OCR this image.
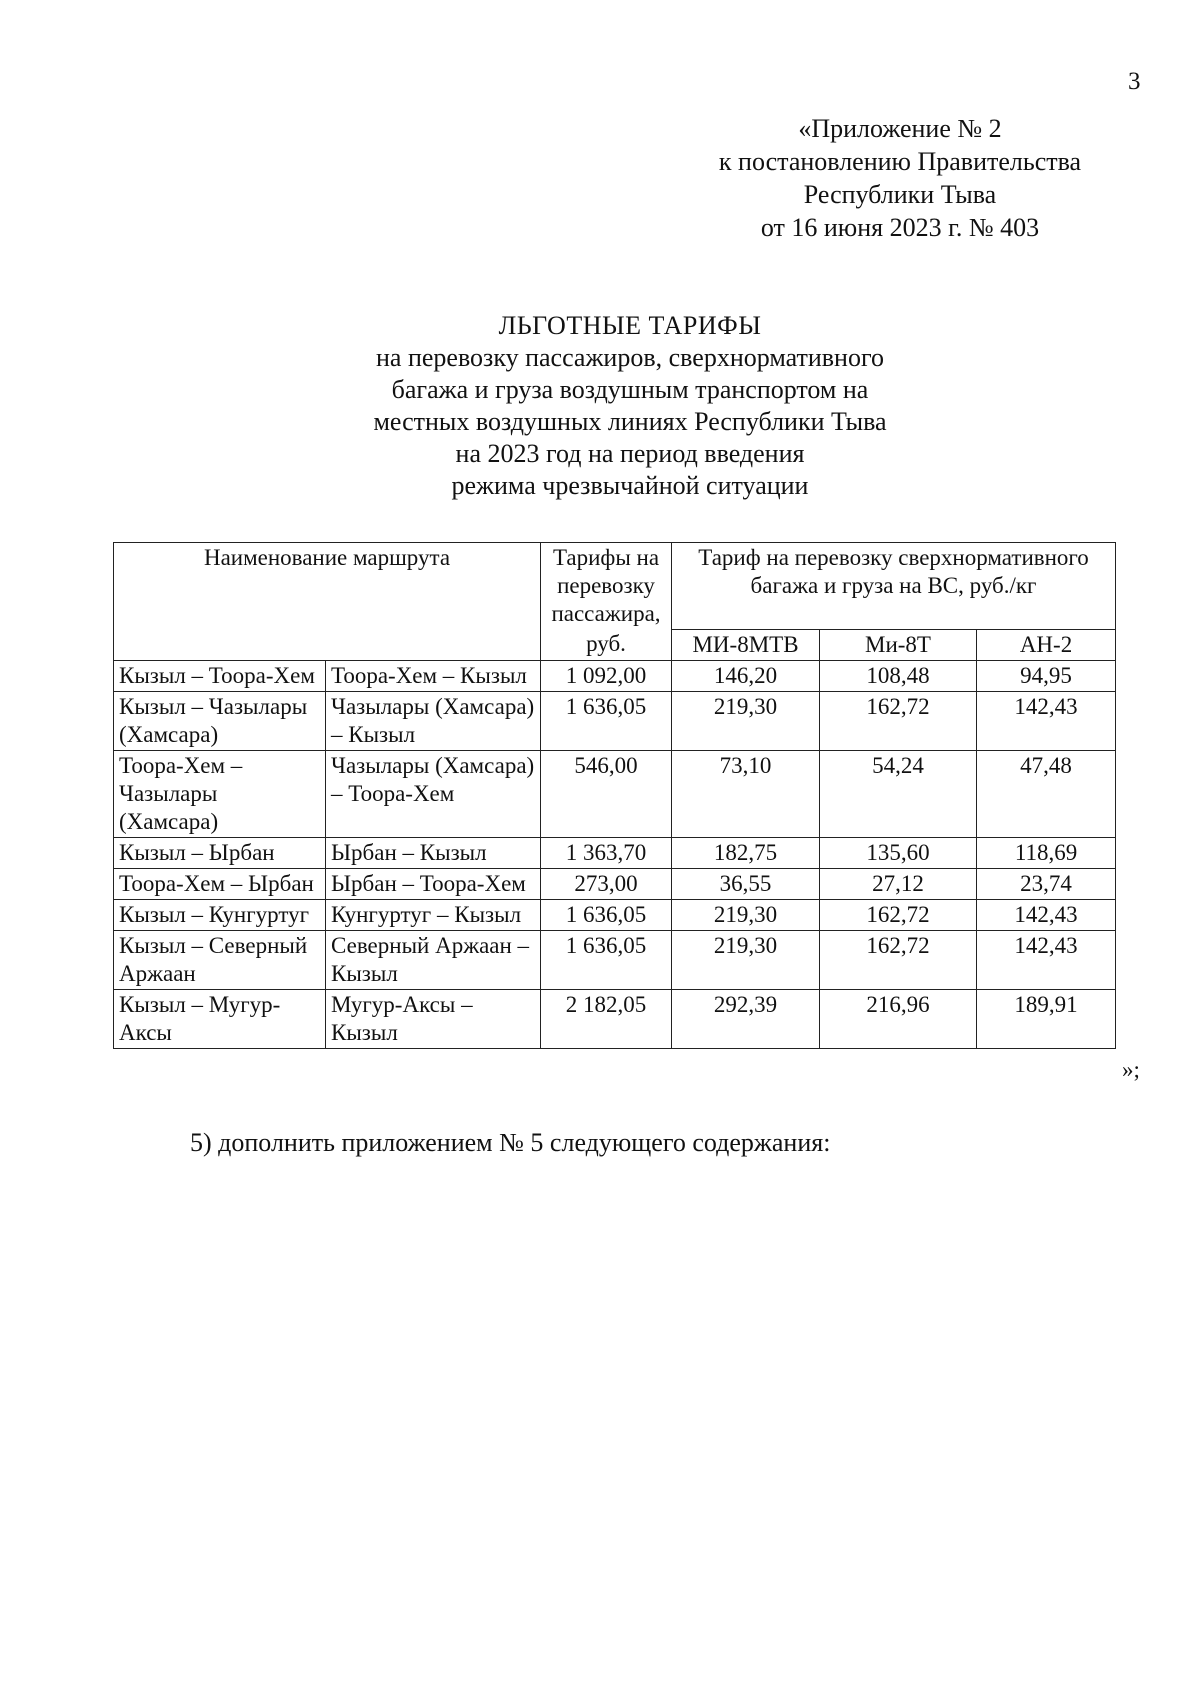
3
«Приложение № 2
к постановлению Правительства
Республики Тыва
от 16 июня 2023 г. № 403
ЛЬГОТНЫЕ ТАРИФЫ
на перевозку пассажиров, сверхнормативного
багажа и груза воздушным транспортом на
местных воздушных линиях Республики Тыва
на 2023 год на период введения
режима чрезвычайной ситуации
Наименование маршрута		Тарифы на перевозку пассажира,	Тариф на перевозку сверхнормативного багажа и груза на ВС, руб./кг		
		руб.	МИ-8МТВ	Ми-8Т	АН-2
Кызыл – Тоора-Хем	Тоора-Хем – Кызыл	1 092,00	146,20	108,48	94,95
Кызыл – Чазылары (Хамсара)	Чазылары (Хамсара) – Кызыл	1 636,05	219,30	162,72	142,43
Тоора-Хем – Чазылары (Хамсара)	Чазылары (Хамсара) – Тоора-Хем	546,00	73,10	54,24	47,48
Кызыл – Ырбан	Ырбан – Кызыл	1 363,70	182,75	135,60	118,69
Тоора-Хем – Ырбан	Ырбан – Тоора-Хем	273,00	36,55	27,12	23,74
Кызыл – Кунгуртуг	Кунгуртуг – Кызыл	1 636,05	219,30	162,72	142,43
Кызыл – Северный Аржаан	Северный Аржаан – Кызыл	1 636,05	219,30	162,72	142,43
Кызыл – Мугур-Аксы	Мугур-Аксы – Кызыл	2 182,05	292,39	216,96	189,91
»;
5) дополнить приложением № 5 следующего содержания:
